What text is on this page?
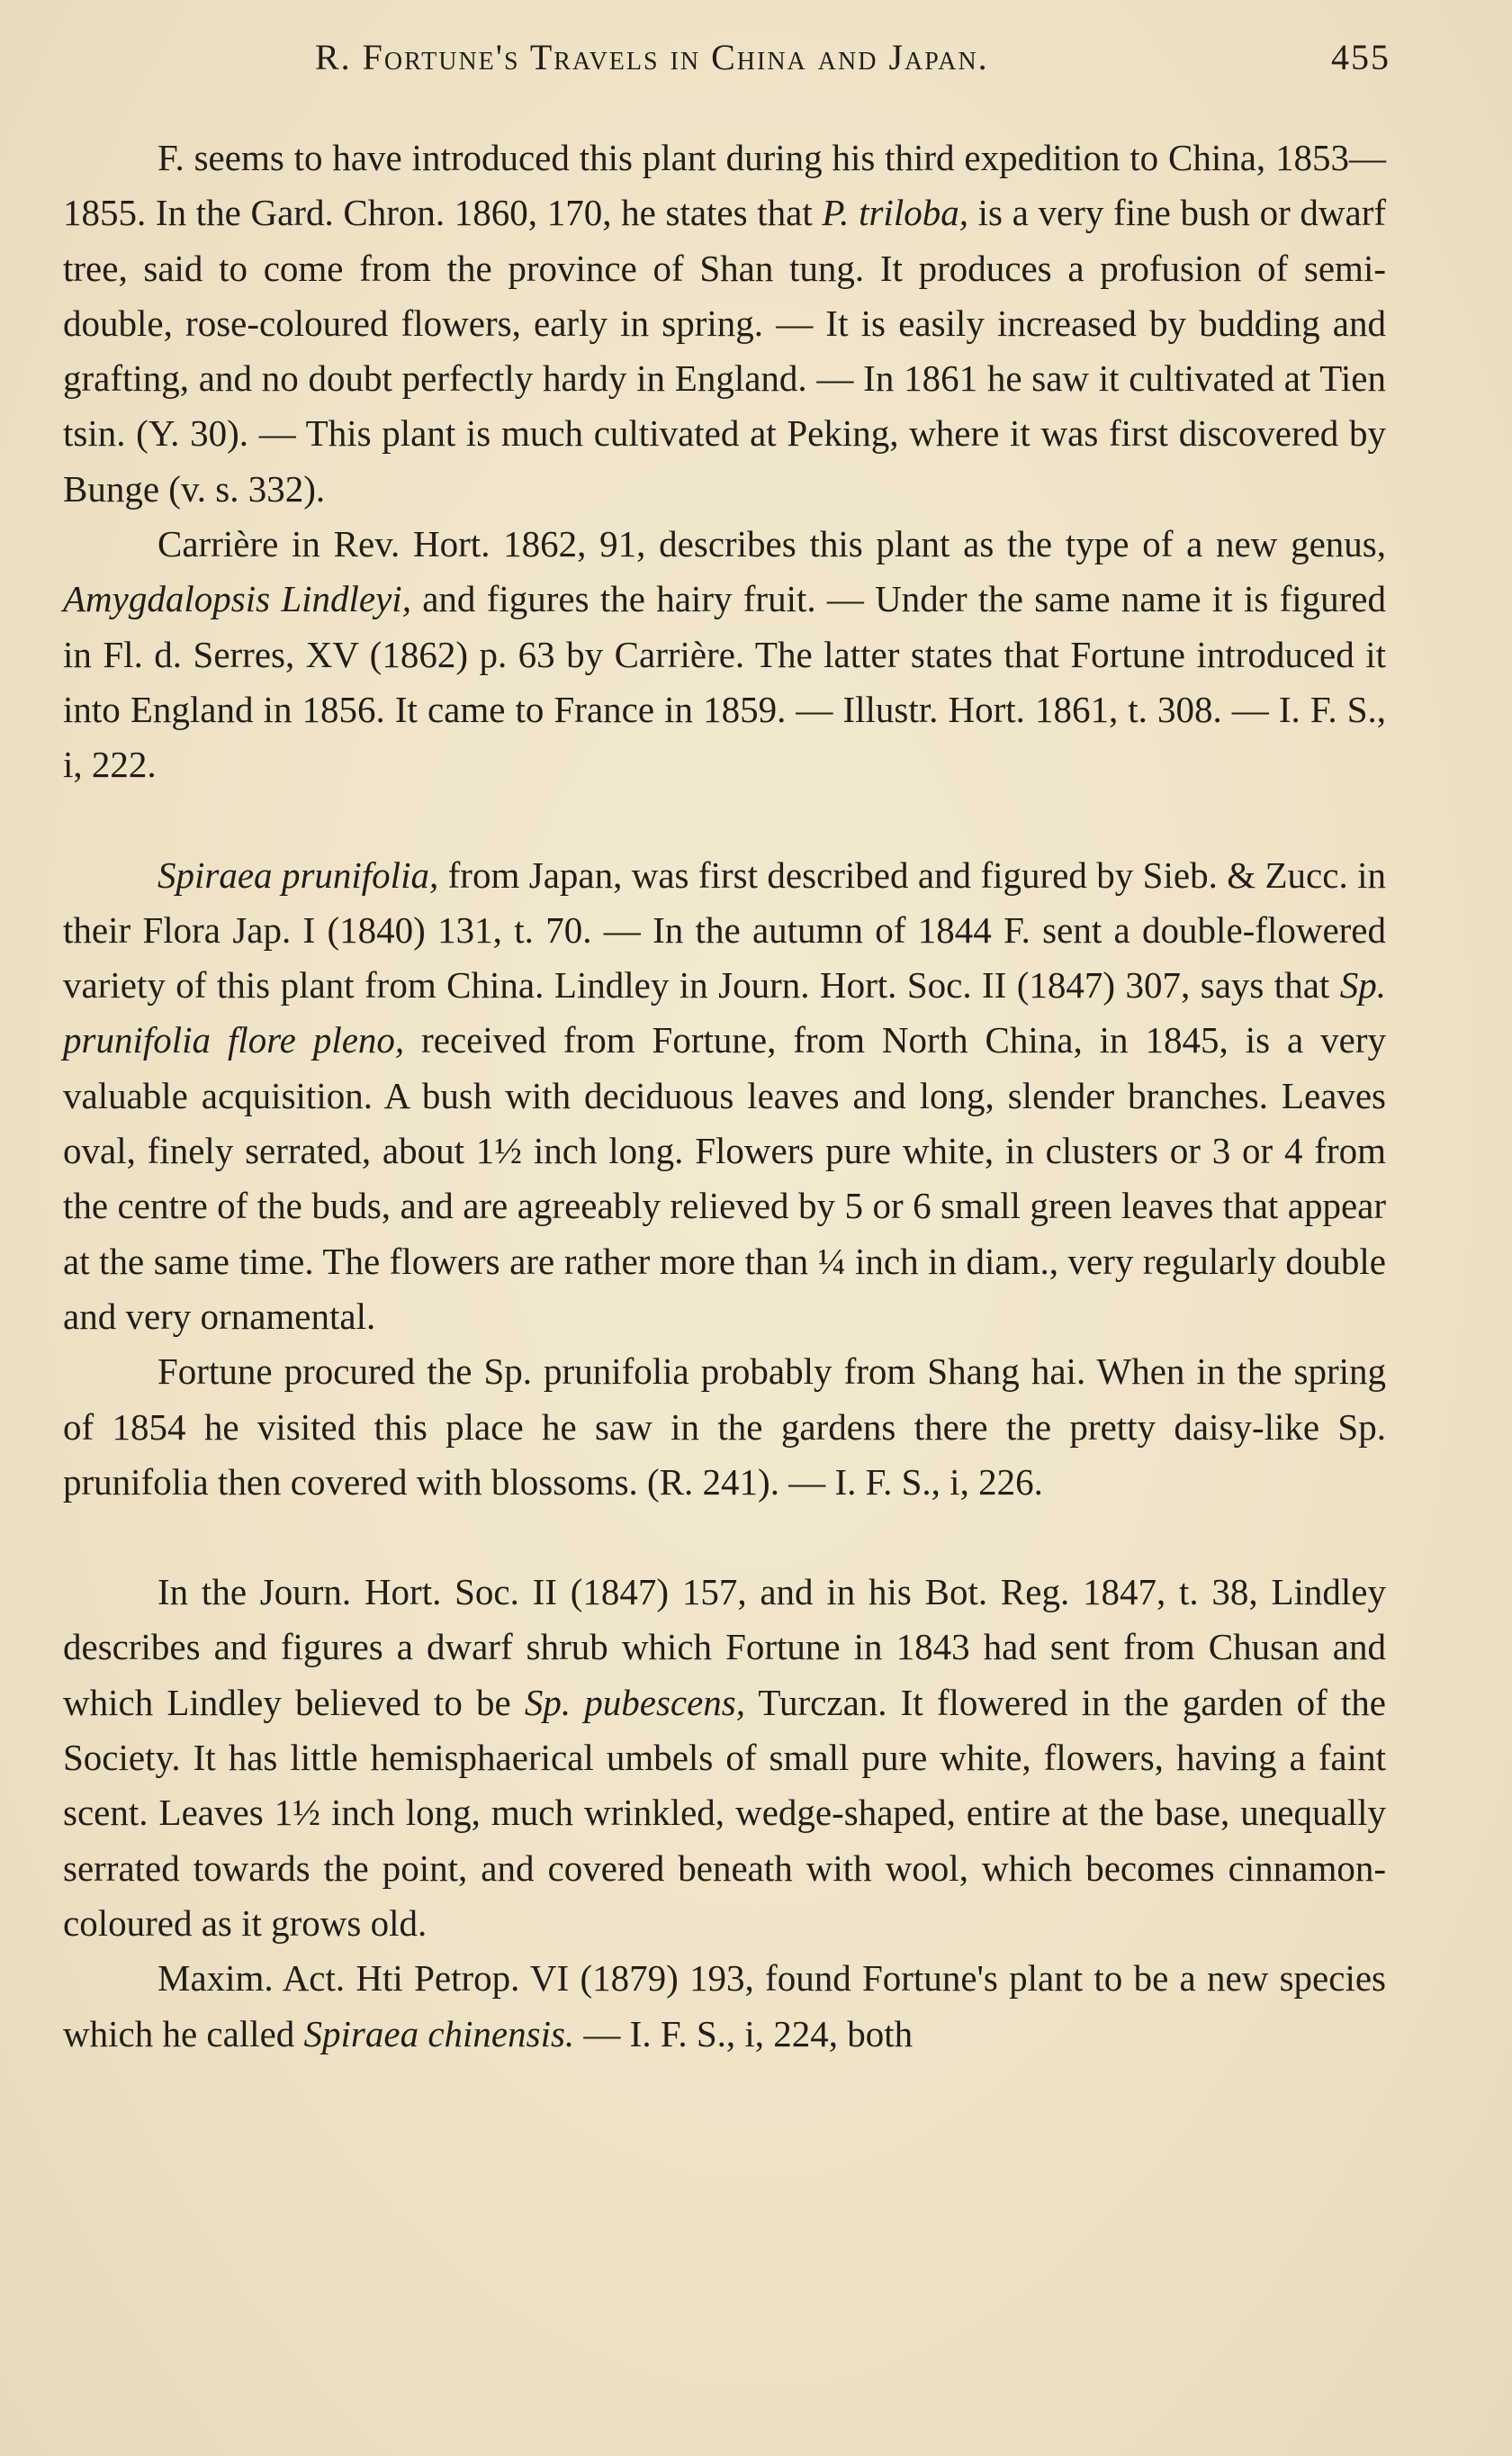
R. Fortune's Travels in China and Japan.	455

F. seems to have introduced this plant during his third expedition to China, 1853—1855. In the Gard. Chron. 1860, 170, he states that P. triloba, is a very fine bush or dwarf tree, said to come from the province of Shan tung. It produces a profusion of semi-double, rose-coloured flowers, early in spring. — It is easily increased by budding and grafting, and no doubt perfectly hardy in England. — In 1861 he saw it cultivated at Tien tsin. (Y. 30). — This plant is much cultivated at Peking, where it was first discovered by Bunge (v. s. 332).

Carrière in Rev. Hort. 1862, 91, describes this plant as the type of a new genus, Amygdalopsis Lindleyi, and figures the hairy fruit. — Under the same name it is figured in Fl. d. Serres, XV (1862) p. 63 by Carrière. The latter states that Fortune introduced it into England in 1856. It came to France in 1859. — Illustr. Hort. 1861, t. 308. — I. F. S., i, 222.

Spiraea prunifolia, from Japan, was first described and figured by Sieb. & Zucc. in their Flora Jap. I (1840) 131, t. 70. — In the autumn of 1844 F. sent a double-flowered variety of this plant from China. Lindley in Journ. Hort. Soc. II (1847) 307, says that Sp. prunifolia flore pleno, received from Fortune, from North China, in 1845, is a very valuable acquisition. A bush with deciduous leaves and long, slender branches. Leaves oval, finely serrated, about 1½ inch long. Flowers pure white, in clusters or 3 or 4 from the centre of the buds, and are agreeably relieved by 5 or 6 small green leaves that appear at the same time. The flowers are rather more than ¼ inch in diam., very regularly double and very ornamental.

Fortune procured the Sp. prunifolia probably from Shang hai. When in the spring of 1854 he visited this place he saw in the gardens there the pretty daisy-like Sp. prunifolia then covered with blossoms. (R. 241). — I. F. S., i, 226.

In the Journ. Hort. Soc. II (1847) 157, and in his Bot. Reg. 1847, t. 38, Lindley describes and figures a dwarf shrub which Fortune in 1843 had sent from Chusan and which Lindley believed to be Sp. pubescens, Turczan. It flowered in the garden of the Society. It has little hemisphaerical umbels of small pure white, flowers, having a faint scent. Leaves 1½ inch long, much wrinkled, wedge-shaped, entire at the base, unequally serrated towards the point, and covered beneath with wool, which becomes cinnamon-coloured as it grows old.

Maxim. Act. Hti Petrop. VI (1879) 193, found Fortune's plant to be a new species which he called Spiraea chinensis. — I. F. S., i, 224, both
